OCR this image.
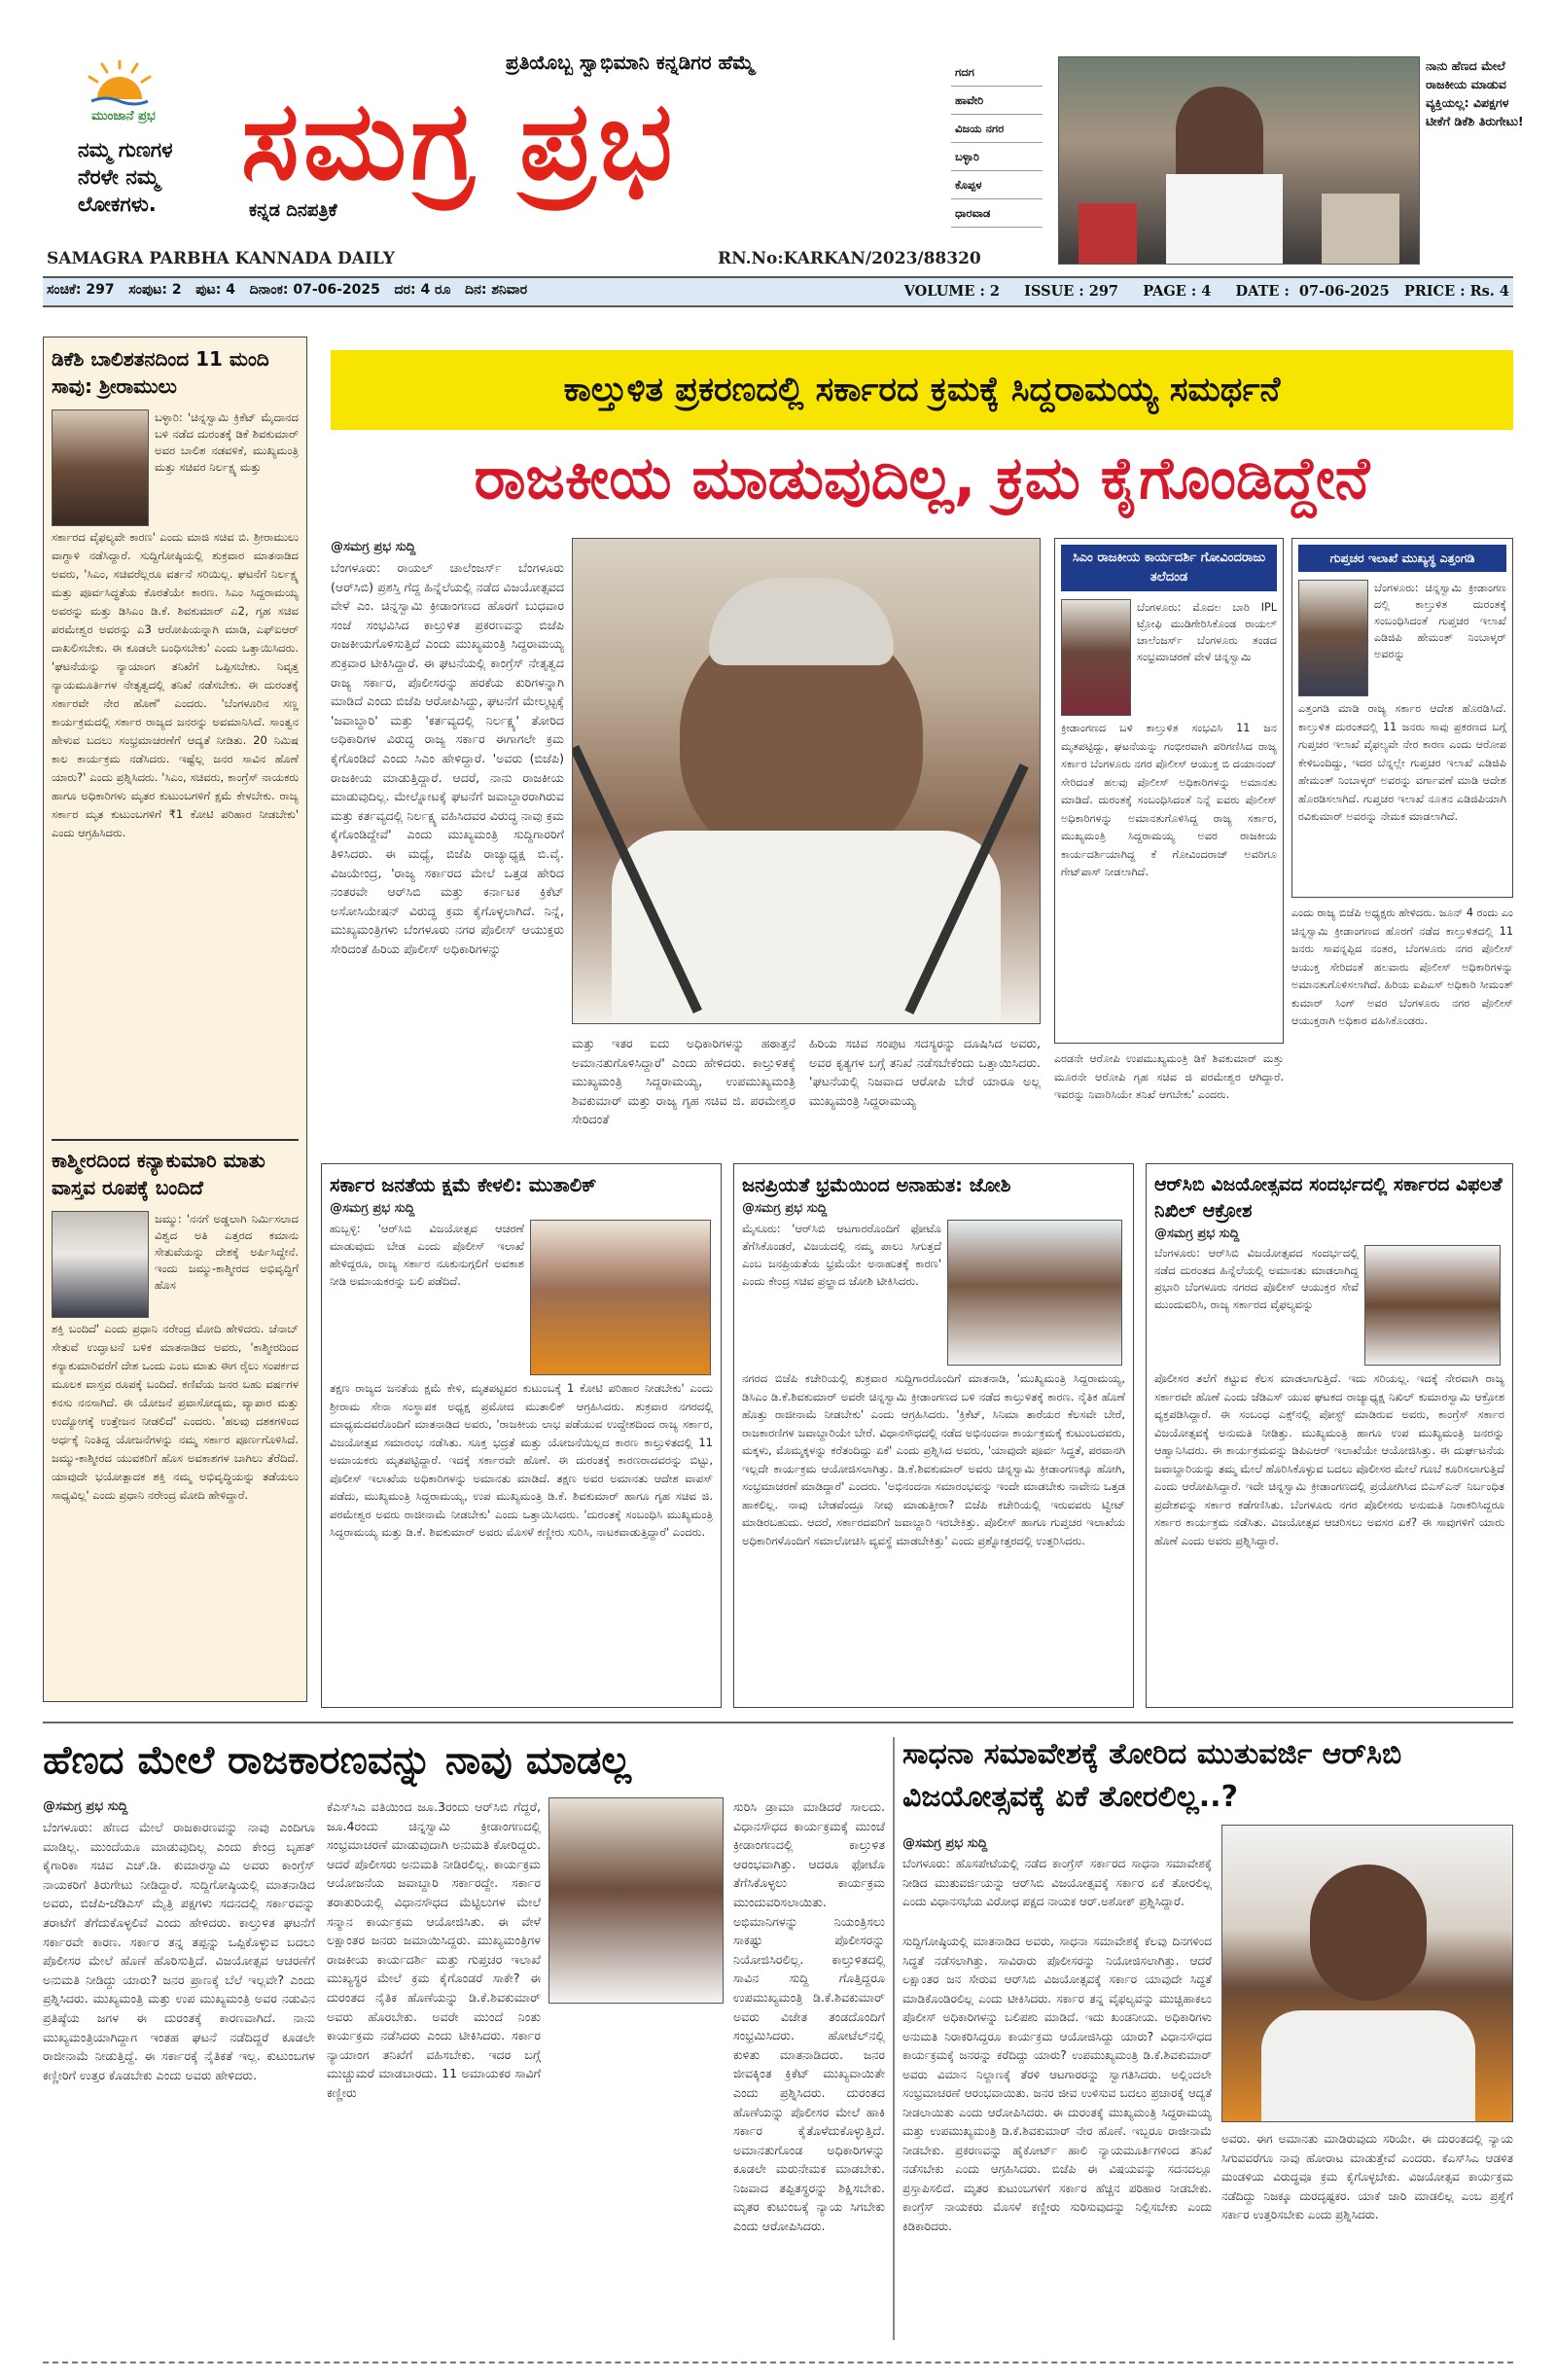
ಮುಂಜಾನೆ ಪ್ರಭ
ನಮ್ಮ ಗುಣಗಳ ನೆರಳೇ ನಮ್ಮ ಲೋಕಗಳು.
ಪ್ರತಿಯೊಬ್ಬ ಸ್ವಾಭಿಮಾನಿ ಕನ್ನಡಿಗರ ಹೆಮ್ಮೆ
ಸಮಗ್ರ ಪ್ರಭ
ಕನ್ನಡ ದಿನಪತ್ರಿಕೆ
ಗದಗ
ಹಾವೇರಿ
ವಿಜಯ ನಗರ
ಬಳ್ಳಾರಿ
ಕೊಪ್ಪಳ
ಧಾರವಾಡ
ನಾನು ಹೆಣದ ಮೇಲೆ ರಾಜಕೀಯ ಮಾಡುವ ವ್ಯಕ್ತಿಯಲ್ಲ: ವಿಪಕ್ಷಗಳ ಟೀಕೆಗೆ ಡಿಕೆಶಿ ತಿರುಗೇಟು!
SAMAGRA PARBHA KANNADA DAILY	RN.No:KARKAN/2023/88320
ಸಂಚಿಕೆ: 297   ಸಂಪುಟ: 2   ಪುಟ: 4   ದಿನಾಂಕ: 07-06-2025   ದರ: 4 ರೂ   ದಿನ: ಶನಿವಾರ	VOLUME : 2     ISSUE : 297     PAGE : 4     DATE :  07-06-2025   PRICE : Rs. 4
ಡಿಕೆಶಿ ಬಾಲಿಶತನದಿಂದ 11 ಮಂದಿ ಸಾವು: ಶ್ರೀರಾಮುಲು
ಬಳ್ಳಾರಿ: 'ಚಿನ್ನಸ್ವಾಮಿ ಕ್ರಿಕೆಟ್ ಮೈದಾನದ ಬಳಿ ನಡೆದ ದುರಂತಕ್ಕೆ ಡಿಕೆ ಶಿವಕುಮಾರ್ ಅವರ ಬಾಲಿಶ ನಡವಳಿಕೆ, ಮುಖ್ಯಮಂತ್ರಿ ಮತ್ತು ಸಚಿವರ ನಿರ್ಲಕ್ಷ್ಯ ಮತ್ತು
ಸರ್ಕಾರದ ವೈಫಲ್ಯವೇ ಕಾರಣ' ಎಂದು ಮಾಜಿ ಸಚಿವ ಬಿ. ಶ್ರೀರಾಮುಲು ವಾಗ್ದಾಳಿ ನಡೆಸಿದ್ದಾರೆ. ಸುದ್ದಿಗೋಷ್ಠಿಯಲ್ಲಿ ಶುಕ್ರವಾರ ಮಾತನಾಡಿದ ಅವರು, 'ಸಿಎಂ, ಸಚಿವರೆಲ್ಲರೂ ವರ್ತನೆ ಸರಿಯಿಲ್ಲ. ಘಟನೆಗೆ ನಿರ್ಲಕ್ಷ್ಯ ಮತ್ತು ಪೂರ್ವಸಿದ್ಧತೆಯ ಕೊರತೆಯೇ ಕಾರಣ. ಸಿಎಂ ಸಿದ್ದರಾಮಯ್ಯ ಅವರನ್ನು ಮತ್ತು ಡಿಸಿಎಂ ಡಿ.ಕೆ. ಶಿವಕುಮಾರ್ ಎ2, ಗೃಹ ಸಚಿವ ಪರಮೇಶ್ವರ ಅವರನ್ನು ಎ3 ಆರೋಪಿಯನ್ನಾಗಿ ಮಾಡಿ, ಎಫ್‌ಐಆರ್ ದಾಖಲಿಸಬೇಕು. ಈ ಕೂಡಲೇ ಬಂಧಿಸಬೇಕು' ಎಂದು ಒತ್ತಾಯಿಸಿದರು. 'ಘಟನೆಯನ್ನು ನ್ಯಾಯಾಂಗ ತನಿಖೆಗೆ ಒಪ್ಪಿಸಬೇಕು. ನಿವೃತ್ತ ನ್ಯಾಯಮೂರ್ತಿಗಳ ನೇತೃತ್ವದಲ್ಲಿ ತನಿಖೆ ನಡೆಸಬೇಕು. ಈ ದುರಂತಕ್ಕೆ ಸರ್ಕಾರವೇ ನೇರ ಹೊಣೆ' ಎಂದರು. 'ಬೆಂಗಳೂರಿನ ಸಣ್ಣ ಕಾರ್ಯಕ್ರಮದಲ್ಲಿ ಸರ್ಕಾರ ರಾಜ್ಯದ ಜನರನ್ನು ಅವಮಾನಿಸಿದೆ. ಸಾಂತ್ವನ ಹೇಳುವ ಬದಲು ಸಂಭ್ರಮಾಚರಣೆಗೆ ಆದ್ಯತೆ ನೀಡಿತು. 20 ನಿಮಿಷ ಕಾಲ ಕಾರ್ಯಕ್ರಮ ನಡೆಸಿದರು. ಇಷ್ಟೆಲ್ಲ ಜನರ ಸಾವಿನ ಹೊಣೆ ಯಾರು?' ಎಂದು ಪ್ರಶ್ನಿಸಿದರು. 'ಸಿಎಂ, ಸಚಿವರು, ಕಾಂಗ್ರೆಸ್ ನಾಯಕರು ಹಾಗೂ ಅಧಿಕಾರಿಗಳು ಮೃತರ ಕುಟುಂಬಗಳಿಗೆ ಕ್ಷಮೆ ಕೇಳಬೇಕು. ರಾಜ್ಯ ಸರ್ಕಾರ ಮೃತ ಕುಟುಂಬಗಳಿಗೆ ₹1 ಕೋಟಿ ಪರಿಹಾರ ನೀಡಬೇಕು' ಎಂದು ಆಗ್ರಹಿಸಿದರು.
ಕಾಶ್ಮೀರದಿಂದ ಕನ್ಯಾಕುಮಾರಿ ಮಾತು ವಾಸ್ತವ ರೂಪಕ್ಕೆ ಬಂದಿದೆ
ಜಮ್ಮು: 'ನನಗೆ ಅಡ್ಡಲಾಗಿ ನಿರ್ಮಿಸಲಾದ ವಿಶ್ವದ ಅತಿ ಎತ್ತರದ ಕಮಾನು ಸೇತುವೆಯನ್ನು ದೇಶಕ್ಕೆ ಅರ್ಪಿಸಿದ್ದೇನೆ. ಇಂದು ಜಮ್ಮು-ಕಾಶ್ಮೀರದ ಅಭಿವೃದ್ಧಿಗೆ ಹೊಸ
ಶಕ್ತಿ ಬಂದಿದೆ' ಎಂದು ಪ್ರಧಾನಿ ನರೇಂದ್ರ ಮೋದಿ ಹೇಳಿದರು. ಚೆನಾಬ್ ಸೇತುವೆ ಉದ್ಘಾಟನೆ ಬಳಿಕ ಮಾತನಾಡಿದ ಅವರು, 'ಕಾಶ್ಮೀರದಿಂದ ಕನ್ಯಾಕುಮಾರಿವರೆಗೆ ದೇಶ ಒಂದು ಎಂಬ ಮಾತು ಈಗ ರೈಲು ಸಂಪರ್ಕದ ಮೂಲಕ ವಾಸ್ತವ ರೂಪಕ್ಕೆ ಬಂದಿದೆ. ಕಣಿವೆಯ ಜನರ ಬಹು ವರ್ಷಗಳ ಕನಸು ನನಸಾಗಿದೆ. ಈ ಯೋಜನೆ ಪ್ರವಾಸೋದ್ಯಮ, ವ್ಯಾಪಾರ ಮತ್ತು ಉದ್ಯೋಗಕ್ಕೆ ಉತ್ತೇಜನ ನೀಡಲಿದೆ' ಎಂದರು. 'ಹಲವು ದಶಕಗಳಿಂದ ಅರ್ಧಕ್ಕೆ ನಿಂತಿದ್ದ ಯೋಜನೆಗಳನ್ನು ನಮ್ಮ ಸರ್ಕಾರ ಪೂರ್ಣಗೊಳಿಸಿದೆ. ಜಮ್ಮು-ಕಾಶ್ಮೀರದ ಯುವಕರಿಗೆ ಹೊಸ ಅವಕಾಶಗಳ ಬಾಗಿಲು ತೆರೆದಿದೆ. ಯಾವುದೇ ಭಯೋತ್ಪಾದಕ ಶಕ್ತಿ ನಮ್ಮ ಅಭಿವೃದ್ಧಿಯನ್ನು ತಡೆಯಲು ಸಾಧ್ಯವಿಲ್ಲ' ಎಂದು ಪ್ರಧಾನಿ ನರೇಂದ್ರ ಮೋದಿ ಹೇಳಿದ್ದಾರೆ.
ಕಾಲ್ತುಳಿತ ಪ್ರಕರಣದಲ್ಲಿ ಸರ್ಕಾರದ ಕ್ರಮಕ್ಕೆ ಸಿದ್ದರಾಮಯ್ಯ ಸಮರ್ಥನೆ
ರಾಜಕೀಯ ಮಾಡುವುದಿಲ್ಲ, ಕ್ರಮ ಕೈಗೊಂಡಿದ್ದೇನೆ
@ಸಮಗ್ರ ಪ್ರಭ ಸುದ್ದಿ
ಬೆಂಗಳೂರು: ರಾಯಲ್ ಚಾಲೆಂಜರ್ಸ್ ಬೆಂಗಳೂರು (ಆರ್‌ಸಿಬಿ) ಪ್ರಶಸ್ತಿ ಗೆದ್ದ ಹಿನ್ನೆಲೆಯಲ್ಲಿ ನಡೆದ ವಿಜಯೋತ್ಸವದ ವೇಳೆ ಎಂ. ಚಿನ್ನಸ್ವಾಮಿ ಕ್ರೀಡಾಂಗಣದ ಹೊರಗೆ ಬುಧವಾರ ಸಂಜೆ ಸಂಭವಿಸಿದ ಕಾಲ್ತುಳಿತ ಪ್ರಕರಣವನ್ನು ಬಿಜೆಪಿ ರಾಜಕೀಯಗೊಳಿಸುತ್ತಿದೆ ಎಂದು ಮುಖ್ಯಮಂತ್ರಿ ಸಿದ್ದರಾಮಯ್ಯ ಶುಕ್ರವಾರ ಟೀಕಿಸಿದ್ದಾರೆ. ಈ ಘಟನೆಯಲ್ಲಿ ಕಾಂಗ್ರೆಸ್ ನೇತೃತ್ವದ ರಾಜ್ಯ ಸರ್ಕಾರ, ಪೊಲೀಸರನ್ನು ಹರಕೆಯ ಕುರಿಗಳನ್ನಾಗಿ ಮಾಡಿದೆ ಎಂದು ಬಿಜೆಪಿ ಆರೋಪಿಸಿದ್ದು, ಘಟನೆಗೆ ಮೇಲ್ಮಟ್ಟಕ್ಕೆ 'ಜವಾಬ್ದಾರಿ' ಮತ್ತು 'ಕರ್ತವ್ಯದಲ್ಲಿ ನಿರ್ಲಕ್ಷ್ಯ' ತೋರಿದ ಅಧಿಕಾರಿಗಳ ವಿರುದ್ಧ ರಾಜ್ಯ ಸರ್ಕಾರ ಈಗಾಗಲೇ ಕ್ರಮ ಕೈಗೊಂಡಿದೆ ಎಂದು ಸಿಎಂ ಹೇಳಿದ್ದಾರೆ. 'ಅವರು (ಬಿಜೆಪಿ) ರಾಜಕೀಯ ಮಾಡುತ್ತಿದ್ದಾರೆ. ಆದರೆ, ನಾನು ರಾಜಕೀಯ ಮಾಡುವುದಿಲ್ಲ. ಮೇಲ್ನೋಟಕ್ಕೆ ಘಟನೆಗೆ ಜವಾಬ್ದಾರರಾಗಿರುವ ಮತ್ತು ಕರ್ತವ್ಯದಲ್ಲಿ ನಿರ್ಲಕ್ಷ್ಯ ವಹಿಸಿದವರ ವಿರುದ್ಧ ನಾವು ಕ್ರಮ ಕೈಗೊಂಡಿದ್ದೇವೆ' ಎಂದು ಮುಖ್ಯಮಂತ್ರಿ ಸುದ್ದಿಗಾರರಿಗೆ ತಿಳಿಸಿದರು. ಈ ಮಧ್ಯೆ, ಬಿಜೆಪಿ ರಾಜ್ಯಾಧ್ಯಕ್ಷ ಬಿ.ವೈ. ವಿಜಯೇಂದ್ರ, 'ರಾಜ್ಯ ಸರ್ಕಾರದ ಮೇಲೆ ಒತ್ತಡ ಹೇರಿದ ನಂತರವೇ ಆರ್‌ಸಿಬಿ ಮತ್ತು ಕರ್ನಾಟಕ ಕ್ರಿಕೆಟ್ ಅಸೋಸಿಯೇಷನ್ ವಿರುದ್ಧ ಕ್ರಮ ಕೈಗೊಳ್ಳಲಾಗಿದೆ. ನಿನ್ನೆ, ಮುಖ್ಯಮಂತ್ರಿಗಳು ಬೆಂಗಳೂರು ನಗರ ಪೊಲೀಸ್ ಆಯುಕ್ತರು ಸೇರಿದಂತೆ ಹಿರಿಯ ಪೊಲೀಸ್ ಅಧಿಕಾರಿಗಳನ್ನು
ಮತ್ತು ಇತರ ಐದು ಅಧಿಕಾರಿಗಳನ್ನು ಹಠಾತ್ತನೆ ಅಮಾನತುಗೊಳಿಸಿದ್ದಾರೆ' ಎಂದು ಹೇಳಿದರು. ಕಾಲ್ತುಳಿತಕ್ಕೆ ಮುಖ್ಯಮಂತ್ರಿ ಸಿದ್ದರಾಮಯ್ಯ, ಉಪಮುಖ್ಯಮಂತ್ರಿ ಶಿವಕುಮಾರ್ ಮತ್ತು ರಾಜ್ಯ ಗೃಹ ಸಚಿವ ಜಿ. ಪರಮೇಶ್ವರ ಸೇರಿದಂತೆ
ಹಿರಿಯ ಸಚಿವ ಸಂಪುಟ ಸದಸ್ಯರನ್ನು ದೂಷಿಸಿದ ಅವರು, ಅವರ ಕೃತ್ಯಗಳ ಬಗ್ಗೆ ತನಿಖೆ ನಡೆಸಬೇಕೆಂದು ಒತ್ತಾಯಿಸಿದರು. 'ಘಟನೆಯಲ್ಲಿ ನಿಜವಾದ ಆರೋಪಿ ಬೇರೆ ಯಾರೂ ಅಲ್ಲ ಮುಖ್ಯಮಂತ್ರಿ ಸಿದ್ದರಾಮಯ್ಯ
ಸಿಎಂ ರಾಜಕೀಯ ಕಾರ್ಯದರ್ಶಿ ಗೋವಿಂದರಾಜು ತಲೆದಂಡ
ಬೆಂಗಳೂರು: ಮೊದಲ ಬಾರಿ IPL ಟ್ರೋಫಿ ಮುಡಿಗೇರಿಸಿಕೊಂಡ ರಾಯಲ್ ಚಾಲೆಂಜರ್ಸ್ ಬೆಂಗಳೂರು ತಂಡದ ಸಂಭ್ರಮಾಚರಣೆ ವೇಳೆ ಚಿನ್ನಸ್ವಾಮಿ
ಕ್ರೀಡಾಂಗಣದ ಬಳಿ ಕಾಲ್ತುಳಿತ ಸಂಭವಿಸಿ 11 ಜನ ಮೃತಪಟ್ಟಿದ್ದು, ಘಟನೆಯನ್ನು ಗಂಭೀರವಾಗಿ ಪರಿಗಣಿಸಿದ ರಾಜ್ಯ ಸರ್ಕಾರ ಬೆಂಗಳೂರು ನಗರ ಪೊಲೀಸ್ ಆಯುಕ್ತ ಬಿ ದಯಾನಂದ್ ಸೇರಿದಂತೆ ಹಲವು ಪೊಲೀಸ್ ಅಧಿಕಾರಿಗಳನ್ನು ಅಮಾನತು ಮಾಡಿದೆ. ದುರಂತಕ್ಕೆ ಸಂಬಂಧಿಸಿದಂತೆ ನಿನ್ನೆ ಐವರು ಪೊಲೀಸ್ ಅಧಿಕಾರಿಗಳನ್ನು ಅಮಾನತುಗೊಳಿಸಿದ್ದ ರಾಜ್ಯ ಸರ್ಕಾರ, ಮುಖ್ಯಮಂತ್ರಿ ಸಿದ್ದರಾಮಯ್ಯ ಅವರ ರಾಜಕೀಯ ಕಾರ್ಯದರ್ಶಿಯಾಗಿದ್ದ ಕೆ ಗೋವಿಂದರಾಜ್ ಅವರಿಗೂ ಗೇಟ್‌ಪಾಸ್ ನೀಡಲಾಗಿದೆ.
ಗುಪ್ತಚರ ಇಲಾಖೆ ಮುಖ್ಯಸ್ಥ ಎತ್ತಂಗಡಿ
ಬೆಂಗಳೂರು: ಚಿನ್ನಸ್ವಾಮಿ ಕ್ರೀಡಾಂಗಣ ದಲ್ಲಿ ಕಾಲ್ತುಳಿತ ದುರಂತಕ್ಕೆ ಸಂಬಂಧಿಸಿದಂತೆ ಗುಪ್ತಚರ ಇಲಾಖೆ ಎಡಿಜಿಪಿ ಹೇಮಂತ್ ನಿಂಬಾಳ್ಕರ್ ಅವರನ್ನು
ಎತ್ತಂಗಡಿ ಮಾಡಿ ರಾಜ್ಯ ಸರ್ಕಾರ ಆದೇಶ ಹೊರಡಿಸಿದೆ. ಕಾಲ್ತುಳಿತ ದುರಂತದಲ್ಲಿ 11 ಜನರು ಸಾವು ಪ್ರಕರಣದ ಬಗ್ಗೆ ಗುಪ್ತಚರ ಇಲಾಖೆ ವೈಫಲ್ಯವೇ ನೇರ ಕಾರಣ ಎಂದು ಆರೋಪ ಕೇಳಿಬಂದಿದ್ದು, ಇದರ ಬೆನ್ನಲ್ಲೇ ಗುಪ್ತಚರ ಇಲಾಖೆ ಎಡಿಜಿಪಿ ಹೇಮಂತ್ ನಿಂಬಾಳ್ಕರ್ ಅವರನ್ನು ವರ್ಗಾವಣೆ ಮಾಡಿ ಆದೇಶ ಹೊರಡಿಸಲಾಗಿದೆ. ಗುಪ್ತಚರ ಇಲಾಖೆ ನೂತನ ಎಡಿಜಿಪಿಯಾಗಿ ರವಿಕುಮಾರ್ ಅವರನ್ನು ನೇಮಕ ಮಾಡಲಾಗಿದೆ.
ಎರಡನೇ ಆರೋಪಿ ಉಪಮುಖ್ಯಮಂತ್ರಿ ಡಿಕೆ ಶಿವಕುಮಾರ್ ಮತ್ತು ಮೂರನೇ ಆರೋಪಿ ಗೃಹ ಸಚಿವ ಜಿ ಪರಮೇಶ್ವರ ಆಗಿದ್ದಾರೆ. ಇವರನ್ನು ನಿವಾರಿಸಿಯೇ ತನಿಖೆ ಆಗಬೇಕು' ಎಂದರು.
ಎಂದು ರಾಜ್ಯ ಬಿಜೆಪಿ ಅಧ್ಯಕ್ಷರು ಹೇಳಿದರು. ಜೂನ್ 4 ರಂದು ಎಂ ಚಿನ್ನಸ್ವಾಮಿ ಕ್ರೀಡಾಂಗಣದ ಹೊರಗೆ ನಡೆದ ಕಾಲ್ತುಳಿತದಲ್ಲಿ 11 ಜನರು ಸಾವನ್ನಪ್ಪಿದ ನಂತರ, ಬೆಂಗಳೂರು ನಗರ ಪೊಲೀಸ್ ಆಯುಕ್ತ ಸೇರಿದಂತೆ ಹಲವಾರು ಪೊಲೀಸ್ ಅಧಿಕಾರಿಗಳನ್ನು ಅಮಾನತುಗೊಳಿಸಲಾಗಿದೆ. ಹಿರಿಯ ಐಪಿಎಸ್ ಅಧಿಕಾರಿ ಸೀಮಂತ್ ಕುಮಾರ್ ಸಿಂಗ್ ಅವರ ಬೆಂಗಳೂರು ನಗರ ಪೊಲೀಸ್ ಆಯುಕ್ತರಾಗಿ ಅಧಿಕಾರ ವಹಿಸಿಕೊಂಡರು.
ಸರ್ಕಾರ ಜನತೆಯ ಕ್ಷಮೆ ಕೇಳಲಿ: ಮುತಾಲಿಕ್
@ಸಮಗ್ರ ಪ್ರಭ ಸುದ್ದಿ
ಹುಬ್ಬಳ್ಳಿ: 'ಆರ್‌ಸಿಬಿ ವಿಜಯೋತ್ಸವ ಆಚರಣೆ ಮಾಡುವುದು ಬೇಡ ಎಂದು ಪೊಲೀಸ್ ಇಲಾಖೆ ಹೇಳಿದ್ದರೂ, ರಾಜ್ಯ ಸರ್ಕಾರ ನೂಕುನುಗ್ಗಲಿಗೆ ಅವಕಾಶ ನೀಡಿ ಅಮಾಯಕರನ್ನು ಬಲಿ ಪಡೆದಿದೆ.
ತಕ್ಷಣ ರಾಜ್ಯದ ಜನತೆಯ ಕ್ಷಮೆ ಕೇಳಿ, ಮೃತಪಟ್ಟವರ ಕುಟುಂಬಕ್ಕೆ 1 ಕೋಟಿ ಪರಿಹಾರ ನೀಡಬೇಕು' ಎಂದು ಶ್ರೀರಾಮ ಸೇನಾ ಸಂಸ್ಥಾಪಕ ಅಧ್ಯಕ್ಷ ಪ್ರಮೋದ ಮುತಾಲಿಕ್ ಆಗ್ರಹಿಸಿದರು. ಶುಕ್ರವಾರ ನಗರದಲ್ಲಿ ಮಾಧ್ಯಮದವರೊಂದಿಗೆ ಮಾತನಾಡಿದ ಅವರು, 'ರಾಜಕೀಯ ಲಾಭ ಪಡೆಯುವ ಉದ್ದೇಶದಿಂದ ರಾಜ್ಯ ಸರ್ಕಾರ, ವಿಜಯೋತ್ಸವ ಸಮಾರಂಭ ನಡೆಸಿತು. ಸೂಕ್ತ ಭದ್ರತೆ ಮತ್ತು ಯೋಜನೆಯಿಲ್ಲದ ಕಾರಣ ಕಾಲ್ತುಳಿತದಲ್ಲಿ 11 ಅಮಾಯಕರು ಮೃತಪಟ್ಟಿದ್ದಾರೆ. ಇದಕ್ಕೆ ಸರ್ಕಾರವೇ ಹೊಣೆ. ಈ ದುರಂತಕ್ಕೆ ಕಾರಣರಾದವರನ್ನು ಬಿಟ್ಟು, ಪೊಲೀಸ್ ಇಲಾಖೆಯ ಅಧಿಕಾರಿಗಳನ್ನು ಅಮಾನತು ಮಾಡಿದೆ. ತಕ್ಷಣ ಅವರ ಅಮಾನತು ಆದೇಶ ವಾಪಸ್ ಪಡೆದು, ಮುಖ್ಯಮಂತ್ರಿ ಸಿದ್ದರಾಮಯ್ಯ, ಉಪ ಮುಖ್ಯಮಂತ್ರಿ ಡಿ.ಕೆ. ಶಿವಕುಮಾರ್ ಹಾಗೂ ಗೃಹ ಸಚಿವ ಜಿ. ಪರಮೇಶ್ವರ ಅವರು ರಾಜೀನಾಮೆ ನೀಡಬೇಕು' ಎಂದು ಒತ್ತಾಯಿಸಿದರು. 'ದುರಂತಕ್ಕೆ ಸಂಬಂಧಿಸಿ ಮುಖ್ಯಮಂತ್ರಿ ಸಿದ್ದರಾಮಯ್ಯ ಮತ್ತು ಡಿ.ಕೆ. ಶಿವಕುಮಾರ್ ಅವರು ಮೊಸಳೆ ಕಣ್ಣೀರು ಸುರಿಸಿ, ನಾಟಕವಾಡುತ್ತಿದ್ದಾರೆ' ಎಂದರು.
ಜನಪ್ರಿಯತೆ ಭ್ರಮೆಯಿಂದ ಅನಾಹುತ: ಜೋಶಿ
@ಸಮಗ್ರ ಪ್ರಭ ಸುದ್ದಿ
ಮೈಸೂರು: 'ಆರ್‌ಸಿಬಿ ಆಟಗಾರರೊಂದಿಗೆ ಫೋಟೊ ತೆಗೆಸಿಕೊಂಡರೆ, ವಿಜಯದಲ್ಲಿ ನಮ್ಮ ಪಾಲು ಸಿಗುತ್ತದೆ ಎಂಬ ಜನಪ್ರಿಯತೆಯ ಭ್ರಮೆಯೇ ಅನಾಹುತಕ್ಕೆ ಕಾರಣ' ಎಂದು ಕೇಂದ್ರ ಸಚಿವ ಪ್ರಲ್ಹಾದ ಜೋಶಿ ಟೀಕಿಸಿದರು.
ನಗರದ ಬಿಜೆಪಿ ಕಚೇರಿಯಲ್ಲಿ ಶುಕ್ರವಾರ ಸುದ್ದಿಗಾರರೊಂದಿಗೆ ಮಾತನಾಡಿ, 'ಮುಖ್ಯಮಂತ್ರಿ ಸಿದ್ದರಾಮಯ್ಯ, ಡಿಸಿಎಂ ಡಿ.ಕೆ.ಶಿವಕುಮಾರ್ ಅವರೇ ಚಿನ್ನಸ್ವಾಮಿ ಕ್ರೀಡಾಂಗಣದ ಬಳಿ ನಡೆದ ಕಾಲ್ತುಳಿತಕ್ಕೆ ಕಾರಣ. ನೈತಿಕ ಹೊಣೆ ಹೊತ್ತು ರಾಜೀನಾಮೆ ನೀಡಬೇಕು' ಎಂದು ಆಗ್ರಹಿಸಿದರು. 'ಕ್ರಿಕೆಟ್, ಸಿನಿಮಾ ತಾರೆಯರ ಕೆಲಸವೇ ಬೇರೆ, ರಾಜಕಾರಣಿಗಳ ಜವಾಬ್ದಾರಿಯೇ ಬೇರೆ. ವಿಧಾನಸೌಧದಲ್ಲಿ ನಡೆದ ಅಭಿನಂದನಾ ಕಾರ್ಯಕ್ರಮಕ್ಕೆ ಕುಟುಂಬದವರು, ಮಕ್ಕಳು, ಮೊಮ್ಮಕ್ಕಳನ್ನು ಕರೆತಂದಿದ್ದು ಏಕೆ' ಎಂದು ಪ್ರಶ್ನಿಸಿದ ಅವರು, 'ಯಾವುದೇ ಪೂರ್ವ ಸಿದ್ಧತೆ, ಪರವಾನಗಿ ಇಲ್ಲದೇ ಕಾರ್ಯಕ್ರಮ ಆಯೋಜಿಸಲಾಗಿತ್ತು. ಡಿ.ಕೆ.ಶಿವಕುಮಾರ್ ಅವರು ಚಿನ್ನಸ್ವಾಮಿ ಕ್ರೀಡಾಂಗಣಕ್ಕೂ ಹೋಗಿ, ಸಂಭ್ರಮಾಚರಣೆ ಮಾಡಿದ್ದಾರೆ' ಎಂದರು. 'ಅಭಿನಂದನಾ ಸಮಾರಂಭವನ್ನು ಇಂದೇ ಮಾಡಬೇಕು ನಾವೇನು ಒತ್ತಡ ಹಾಕಲಿಲ್ಲ. ನಾವು ಬೇಡವೆಂದ್ರೂ ನೀವು ಮಾಡುತ್ತೀರಾ? ಬಿಜೆಪಿ ಕಚೇರಿಯಲ್ಲಿ ಇರುವವರು ಟ್ವೀಟ್ ಮಾಡಿರಬಹುದು. ಆದರೆ, ಸರ್ಕಾರದವರಿಗೆ ಜವಾಬ್ದಾರಿ ಇರಬೇಕಿತ್ತು. ಪೊಲೀಸ್ ಹಾಗೂ ಗುಪ್ತಚರ ಇಲಾಖೆಯ ಅಧಿಕಾರಿಗಳೊಂದಿಗೆ ಸಮಾಲೋಚಿಸಿ ವ್ಯವಸ್ಥೆ ಮಾಡಬೇಕಿತ್ತು' ಎಂದು ಪ್ರಶ್ನೋತ್ತರದಲ್ಲಿ ಉತ್ತರಿಸಿದರು.
ಆರ್‌ಸಿಬಿ ವಿಜಯೋತ್ಸವದ ಸಂದರ್ಭದಲ್ಲಿ ಸರ್ಕಾರದ ವಿಫಲತೆ ನಿಖಿಲ್ ಆಕ್ರೋಶ
@ಸಮಗ್ರ ಪ್ರಭ ಸುದ್ದಿ
ಬೆಂಗಳೂರು: ಆರ್‌ಸಿಬಿ ವಿಜಯೋತ್ಸವದ ಸಂದರ್ಭದಲ್ಲಿ ನಡೆದ ದುರಂತದ ಹಿನ್ನೆಲೆಯಲ್ಲಿ ಅಮಾನತು ಮಾಡಲಾಗಿದ್ದ ಪ್ರಭಾರಿ ಬೆಂಗಳೂರು ನಗರದ ಪೊಲೀಸ್ ಆಯುಕ್ತರ ಸೇವೆ ಮುಂದುವರಿಸಿ, ರಾಜ್ಯ ಸರ್ಕಾರದ ವೈಫಲ್ಯವನ್ನು
ಪೊಲೀಸರ ತಲೆಗೆ ಕಟ್ಟುವ ಕೆಲಸ ಮಾಡಲಾಗುತ್ತಿದೆ. ಇದು ಸರಿಯಲ್ಲ. ಇದಕ್ಕೆ ನೇರವಾಗಿ ರಾಜ್ಯ ಸರ್ಕಾರವೇ ಹೊಣೆ ಎಂದು ಜೆಡಿಎಸ್ ಯುವ ಘಟಕದ ರಾಜ್ಯಾಧ್ಯಕ್ಷ ನಿಖಿಲ್ ಕುಮಾರಸ್ವಾಮಿ ಆಕ್ರೋಶ ವ್ಯಕ್ತಪಡಿಸಿದ್ದಾರೆ. ಈ ಸಂಬಂಧ ಎಕ್ಸ್‌ನಲ್ಲಿ ಪೋಸ್ಟ್ ಮಾಡಿರುವ ಅವರು, ಕಾಂಗ್ರೆಸ್ ಸರ್ಕಾರ ವಿಜಯೋತ್ಸವಕ್ಕೆ ಅನುಮತಿ ನೀಡಿತ್ತು. ಮುಖ್ಯಮಂತ್ರಿ ಹಾಗೂ ಉಪ ಮುಖ್ಯಮಂತ್ರಿ ಜನರನ್ನು ಆಹ್ವಾನಿಸಿದರು. ಈ ಕಾರ್ಯಕ್ರಮವನ್ನು ಡಿಪಿಎಆರ್ ಇಲಾಖೆಯೇ ಆಯೋಜಿಸಿತ್ತು. ಈ ದುರ್ಘಟನೆಯ ಜವಾಬ್ದಾರಿಯನ್ನು ತಮ್ಮ ಮೇಲೆ ಹೊರಿಸಿಕೊಳ್ಳುವ ಬದಲು ಪೊಲೀಸರ ಮೇಲೆ ಗೂಬೆ ಕೂರಿಸಲಾಗುತ್ತಿದೆ ಎಂದು ಆರೋಪಿಸಿದ್ದಾರೆ. ಇದೇ ಚಿನ್ನಸ್ವಾಮಿ ಕ್ರೀಡಾಂಗಣದಲ್ಲಿ ಪ್ರಯೋಗಿಸಿದ ಬಿಎಸ್‌ಎನ್ ನಿರ್ಬಂಧಿತ ಪ್ರದೇಶವನ್ನು ಸರ್ಕಾರ ಕಡೆಗಣಿಸಿತು. ಬೆಂಗಳೂರು ನಗರ ಪೊಲೀಸರು ಅನುಮತಿ ನಿರಾಕರಿಸಿದ್ದರೂ ಸರ್ಕಾರ ಕಾರ್ಯಕ್ರಮ ನಡೆಸಿತು. ವಿಜಯೋತ್ಸವ ಆಚರಿಸಲು ಅವಸರ ಏಕೆ? ಈ ಸಾವುಗಳಿಗೆ ಯಾರು ಹೊಣೆ ಎಂದು ಅವರು ಪ್ರಶ್ನಿಸಿದ್ದಾರೆ.
ಹೆಣದ ಮೇಲೆ ರಾಜಕಾರಣವನ್ನು ನಾವು ಮಾಡಲ್ಲ
@ಸಮಗ್ರ ಪ್ರಭ ಸುದ್ದಿ
ಬೆಂಗಳೂರು: ಹೆಣದ ಮೇಲೆ ರಾಜಕಾರಣವನ್ನು ನಾವು ಎಂದಿಗೂ ಮಾಡಿಲ್ಲ. ಮುಂದೆಯೂ ಮಾಡುವುದಿಲ್ಲ ಎಂದು ಕೇಂದ್ರ ಬೃಹತ್ ಕೈಗಾರಿಕಾ ಸಚಿವ ಎಚ್.ಡಿ. ಕುಮಾರಸ್ವಾಮಿ ಅವರು ಕಾಂಗ್ರೆಸ್ ನಾಯಕರಿಗೆ ತಿರುಗೇಟು ನೀಡಿದ್ದಾರೆ. ಸುದ್ದಿಗೋಷ್ಠಿಯಲ್ಲಿ ಮಾತನಾಡಿದ ಅವರು, ಬಿಜೆಪಿ-ಜೆಡಿಎಸ್ ಮೈತ್ರಿ ಪಕ್ಷಗಳು ಸದನದಲ್ಲಿ ಸರ್ಕಾರವನ್ನು ತರಾಟೆಗೆ ತೆಗೆದುಕೊಳ್ಳಲಿವೆ ಎಂದು ಹೇಳಿದರು. ಕಾಲ್ತುಳಿತ ಘಟನೆಗೆ ಸರ್ಕಾರವೇ ಕಾರಣ. ಸರ್ಕಾರ ತನ್ನ ತಪ್ಪನ್ನು ಒಪ್ಪಿಕೊಳ್ಳುವ ಬದಲು ಪೊಲೀಸರ ಮೇಲೆ ಹೊಣೆ ಹೊರಿಸುತ್ತಿದೆ. ವಿಜಯೋತ್ಸವ ಆಚರಣೆಗೆ ಅನುಮತಿ ನೀಡಿದ್ದು ಯಾರು? ಜನರ ಪ್ರಾಣಕ್ಕೆ ಬೆಲೆ ಇಲ್ಲವೇ? ಎಂದು ಪ್ರಶ್ನಿಸಿದರು. ಮುಖ್ಯಮಂತ್ರಿ ಮತ್ತು ಉಪ ಮುಖ್ಯಮಂತ್ರಿ ಅವರ ನಡುವಿನ ಪ್ರತಿಷ್ಠೆಯ ಜಗಳ ಈ ದುರಂತಕ್ಕೆ ಕಾರಣವಾಗಿದೆ. ನಾನು ಮುಖ್ಯಮಂತ್ರಿಯಾಗಿದ್ದಾಗ ಇಂತಹ ಘಟನೆ ನಡೆದಿದ್ದರೆ ಕೂಡಲೇ ರಾಜೀನಾಮೆ ನೀಡುತ್ತಿದ್ದೆ. ಈ ಸರ್ಕಾರಕ್ಕೆ ನೈತಿಕತೆ ಇಲ್ಲ. ಕುಟುಂಬಗಳ ಕಣ್ಣೀರಿಗೆ ಉತ್ತರ ಕೊಡಬೇಕು ಎಂದು ಅವರು ಹೇಳಿದರು.
ಕೆಎಸ್‌ಸಿಎ ವತಿಯಿಂದ ಜೂ.3ರಂದು ಆರ್‌ಸಿಬಿ ಗೆದ್ದರೆ, ಜೂ.4ರಂದು ಚಿನ್ನಸ್ವಾಮಿ ಕ್ರೀಡಾಂಗಣದಲ್ಲಿ ಸಂಭ್ರಮಾಚರಣೆ ಮಾಡುವುದಾಗಿ ಅನುಮತಿ ಕೋರಿದ್ದರು. ಆದರೆ ಪೊಲೀಸರು ಅನುಮತಿ ನೀಡಿರಲಿಲ್ಲ. ಕಾರ್ಯಕ್ರಮ ಆಯೋಜನೆಯ ಜವಾಬ್ದಾರಿ ಸರ್ಕಾರದ್ದೇ. ಸರ್ಕಾರ ತರಾತುರಿಯಲ್ಲಿ ವಿಧಾನಸೌಧದ ಮೆಟ್ಟಿಲುಗಳ ಮೇಲೆ ಸನ್ಮಾನ ಕಾರ್ಯಕ್ರಮ ಆಯೋಜಿಸಿತು. ಈ ವೇಳೆ ಲಕ್ಷಾಂತರ ಜನರು ಜಮಾಯಿಸಿದ್ದರು. ಮುಖ್ಯಮಂತ್ರಿಗಳ ರಾಜಕೀಯ ಕಾರ್ಯದರ್ಶಿ ಮತ್ತು ಗುಪ್ತಚರ ಇಲಾಖೆ ಮುಖ್ಯಸ್ಥರ ಮೇಲೆ ಕ್ರಮ ಕೈಗೊಂಡರೆ ಸಾಕೇ? ಈ ದುರಂತದ ನೈತಿಕ ಹೊಣೆಯನ್ನು ಡಿ.ಕೆ.ಶಿವಕುಮಾರ್ ಅವರು ಹೊರಬೇಕು. ಅವರೇ ಮುಂದೆ ನಿಂತು ಕಾರ್ಯಕ್ರಮ ನಡೆಸಿದರು ಎಂದು ಟೀಕಿಸಿದರು. ಸರ್ಕಾರ ನ್ಯಾಯಾಂಗ ತನಿಖೆಗೆ ವಹಿಸಬೇಕು. ಇದರ ಬಗ್ಗೆ ಮುಚ್ಚುಮರೆ ಮಾಡಬಾರದು. 11 ಅಮಾಯಕರ ಸಾವಿಗೆ ಕಣ್ಣೀರು
ಸುರಿಸಿ ಡ್ರಾಮಾ ಮಾಡಿದರೆ ಸಾಲದು. ವಿಧಾನಸೌಧದ ಕಾರ್ಯಕ್ರಮಕ್ಕೆ ಮುಂಚೆ ಕ್ರೀಡಾಂಗಣದಲ್ಲಿ ಕಾಲ್ತುಳಿತ ಆರಂಭವಾಗಿತ್ತು. ಆದರೂ ಫೋಟೊ ತೆಗೆಸಿಕೊಳ್ಳಲು ಕಾರ್ಯಕ್ರಮ ಮುಂದುವರಿಸಲಾಯಿತು. ಅಭಿಮಾನಿಗಳನ್ನು ನಿಯಂತ್ರಿಸಲು ಸಾಕಷ್ಟು ಪೊಲೀಸರನ್ನು ನಿಯೋಜಿಸಿರಲಿಲ್ಲ. ಕಾಲ್ತುಳಿತದಲ್ಲಿ ಸಾವಿನ ಸುದ್ದಿ ಗೊತ್ತಿದ್ದರೂ ಉಪಮುಖ್ಯಮಂತ್ರಿ ಡಿ.ಕೆ.ಶಿವಕುಮಾರ್ ಅವರು ವಿಜೇತ ತಂಡದೊಂದಿಗೆ ಸಂಭ್ರಮಿಸಿದರು. ಹೋಟೆಲ್‌ನಲ್ಲಿ ಕುಳಿತು ಮಾತನಾಡಿದರು. ಜನರ ಜೀವಕ್ಕಿಂತ ಕ್ರಿಕೆಟ್ ಮುಖ್ಯವಾಯಿತೇ ಎಂದು ಪ್ರಶ್ನಿಸಿದರು. ದುರಂತದ ಹೊಣೆಯನ್ನು ಪೊಲೀಸರ ಮೇಲೆ ಹಾಕಿ ಸರ್ಕಾರ ಕೈತೊಳೆದುಕೊಳ್ಳುತ್ತಿದೆ. ಅಮಾನತುಗೊಂಡ ಅಧಿಕಾರಿಗಳನ್ನು ಕೂಡಲೇ ಮರುನೇಮಕ ಮಾಡಬೇಕು. ನಿಜವಾದ ತಪ್ಪಿತಸ್ಥರನ್ನು ಶಿಕ್ಷಿಸಬೇಕು. ಮೃತರ ಕುಟುಂಬಕ್ಕೆ ನ್ಯಾಯ ಸಿಗಬೇಕು ಎಂದು ಆರೋಪಿಸಿದರು.
ಸಾಧನಾ ಸಮಾವೇಶಕ್ಕೆ ತೋರಿದ ಮುತುವರ್ಜಿ ಆರ್‌ಸಿಬಿ ವಿಜಯೋತ್ಸವಕ್ಕೆ ಏಕೆ ತೋರಲಿಲ್ಲ..?
@ಸಮಗ್ರ ಪ್ರಭ ಸುದ್ದಿ
ಬೆಂಗಳೂರು: ಹೊಸಪೇಟೆಯಲ್ಲಿ ನಡೆದ ಕಾಂಗ್ರೆಸ್ ಸರ್ಕಾರದ ಸಾಧನಾ ಸಮಾವೇಶಕ್ಕೆ ನೀಡಿದ ಮುತುವರ್ಜಿಯನ್ನು ಆರ್‌ಸಿಬಿ ವಿಜಯೋತ್ಸವಕ್ಕೆ ಸರ್ಕಾರ ಏಕೆ ತೋರಲಿಲ್ಲ ಎಂದು ವಿಧಾನಸಭೆಯ ವಿರೋಧ ಪಕ್ಷದ ನಾಯಕ ಆರ್.ಅಶೋಕ್ ಪ್ರಶ್ನಿಸಿದ್ದಾರೆ.
ಸುದ್ದಿಗೋಷ್ಠಿಯಲ್ಲಿ ಮಾತನಾಡಿದ ಅವರು, ಸಾಧನಾ ಸಮಾವೇಶಕ್ಕೆ ಕೆಲವು ದಿನಗಳಿಂದ ಸಿದ್ಧತೆ ನಡೆಸಲಾಗಿತ್ತು. ಸಾವಿರಾರು ಪೊಲೀಸರನ್ನು ನಿಯೋಜಿಸಲಾಗಿತ್ತು. ಆದರೆ ಲಕ್ಷಾಂತರ ಜನ ಸೇರುವ ಆರ್‌ಸಿಬಿ ವಿಜಯೋತ್ಸವಕ್ಕೆ ಸರ್ಕಾರ ಯಾವುದೇ ಸಿದ್ಧತೆ ಮಾಡಿಕೊಂಡಿರಲಿಲ್ಲ ಎಂದು ಟೀಕಿಸಿದರು. ಸರ್ಕಾರ ತನ್ನ ವೈಫಲ್ಯವನ್ನು ಮುಚ್ಚಿಹಾಕಲು ಪೊಲೀಸ್ ಅಧಿಕಾರಿಗಳನ್ನು ಬಲಿಪಶು ಮಾಡಿದೆ. ಇದು ಖಂಡನೀಯ. ಅಧಿಕಾರಿಗಳು ಅನುಮತಿ ನಿರಾಕರಿಸಿದ್ದರೂ ಕಾರ್ಯಕ್ರಮ ಆಯೋಜಿಸಿದ್ದು ಯಾರು? ವಿಧಾನಸೌಧದ ಕಾರ್ಯಕ್ರಮಕ್ಕೆ ಜನರನ್ನು ಕರೆದಿದ್ದು ಯಾರು? ಉಪಮುಖ್ಯಮಂತ್ರಿ ಡಿ.ಕೆ.ಶಿವಕುಮಾರ್ ಅವರು ವಿಮಾನ ನಿಲ್ದಾಣಕ್ಕೆ ತೆರಳಿ ಆಟಗಾರರನ್ನು ಸ್ವಾಗತಿಸಿದರು. ಅಲ್ಲಿಂದಲೇ ಸಂಭ್ರಮಾಚರಣೆ ಆರಂಭವಾಯಿತು. ಜನರ ಜೀವ ಉಳಿಸುವ ಬದಲು ಪ್ರಚಾರಕ್ಕೆ ಆದ್ಯತೆ ನೀಡಲಾಯಿತು ಎಂದು ಆರೋಪಿಸಿದರು. ಈ ದುರಂತಕ್ಕೆ ಮುಖ್ಯಮಂತ್ರಿ ಸಿದ್ದರಾಮಯ್ಯ ಮತ್ತು ಉಪಮುಖ್ಯಮಂತ್ರಿ ಡಿ.ಕೆ.ಶಿವಕುಮಾರ್ ನೇರ ಹೊಣೆ. ಇಬ್ಬರೂ ರಾಜೀನಾಮೆ ನೀಡಬೇಕು. ಪ್ರಕರಣವನ್ನು ಹೈಕೋರ್ಟ್ ಹಾಲಿ ನ್ಯಾಯಮೂರ್ತಿಗಳಿಂದ ತನಿಖೆ ನಡೆಸಬೇಕು ಎಂದು ಆಗ್ರಹಿಸಿದರು. ಬಿಜೆಪಿ ಈ ವಿಷಯವನ್ನು ಸದನದಲ್ಲೂ ಪ್ರಸ್ತಾಪಿಸಲಿದೆ. ಮೃತರ ಕುಟುಂಬಗಳಿಗೆ ಸರ್ಕಾರ ಹೆಚ್ಚಿನ ಪರಿಹಾರ ನೀಡಬೇಕು. ಕಾಂಗ್ರೆಸ್ ನಾಯಕರು ಮೊಸಳೆ ಕಣ್ಣೀರು ಸುರಿಸುವುದನ್ನು ನಿಲ್ಲಿಸಬೇಕು ಎಂದು ಕಿಡಿಕಾರಿದರು.
ಅವರು. ಈಗ ಅಮಾನತು ಮಾಡಿರುವುದು ಸರಿಯೇ. ಈ ದುರಂತದಲ್ಲಿ ನ್ಯಾಯ ಸಿಗುವವರೆಗೂ ನಾವು ಹೋರಾಟ ಮಾಡುತ್ತೇವೆ ಎಂದರು. ಕೆಎಸ್‌ಸಿಎ ಆಡಳಿತ ಮಂಡಳಿಯ ವಿರುದ್ಧವೂ ಕ್ರಮ ಕೈಗೊಳ್ಳಬೇಕು. ವಿಜಯೋತ್ಸವ ಕಾರ್ಯಕ್ರಮ ನಡೆದಿದ್ದು ನಿಜಕ್ಕೂ ದುರದೃಷ್ಟಕರ. ಯಾಕೆ ಜಾರಿ ಮಾಡಲಿಲ್ಲ ಎಂಬ ಪ್ರಶ್ನೆಗೆ ಸರ್ಕಾರ ಉತ್ತರಿಸಬೇಕು ಎಂದು ಪ್ರಶ್ನಿಸಿದರು.
